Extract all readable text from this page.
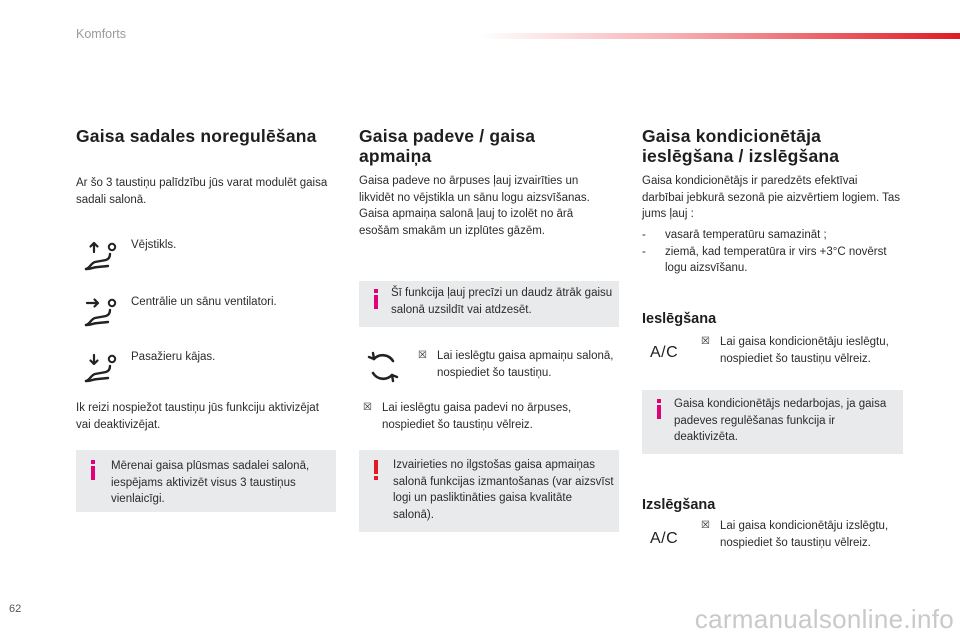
Komforts
Gaisa sadales noregulēšana
Ar šo 3 taustiņu palīdzību jūs varat modulēt gaisa sadali salonā.
Vējstikls.
Centrālie un sānu ventilatori.
Pasažieru kājas.
Ik reizi nospiežot taustiņu jūs funkciju aktivizējat vai deaktivizējat.
Mērenai gaisa plūsmas sadalei salonā, iespējams aktivizēt visus 3 taustiņus vienlaicīgi.
Gaisa padeve / gaisa
apmaiņa
Gaisa padeve no ārpuses ļauj izvairīties un likvidēt no vējstikla un sānu logu aizsvīšanas. Gaisa apmaiņa salonā ļauj to izolēt no ārā esošām smakām un izplūtes gāzēm.
Šī funkcija ļauj precīzi un daudz ātrāk gaisu salonā uzsildīt vai atdzesēt.
☒ Lai ieslēgtu gaisa apmaiņu salonā, nospiediet šo taustiņu.
☒ Lai ieslēgtu gaisa padevi no ārpuses, nospiediet šo taustiņu vēlreiz.
Izvairieties no ilgstošas gaisa apmaiņas salonā funkcijas izmantošanas (var aizsvīst logi un pasliktināties gaisa kvalitāte salonā).
Gaisa kondicionētāja
ieslēgšana / izslēgšana
Gaisa kondicionētājs ir paredzēts efektīvai darbībai jebkurā sezonā pie aizvērtiem logiem. Tas jums ļauj :
- vasarā temperatūru samazināt ;
- ziemā, kad temperatūra ir virs +3°C novērst logu aizsvīšanu.
Ieslēgšana
A/C
☒ Lai gaisa kondicionētāju ieslēgtu, nospiediet šo taustiņu vēlreiz.
Gaisa kondicionētājs nedarbojas, ja gaisa padeves regulēšanas funkcija ir deaktivizēta.
Izslēgšana
A/C
☒ Lai gaisa kondicionētāju izslēgtu, nospiediet šo taustiņu vēlreiz.
62	carmanualsonline.info
